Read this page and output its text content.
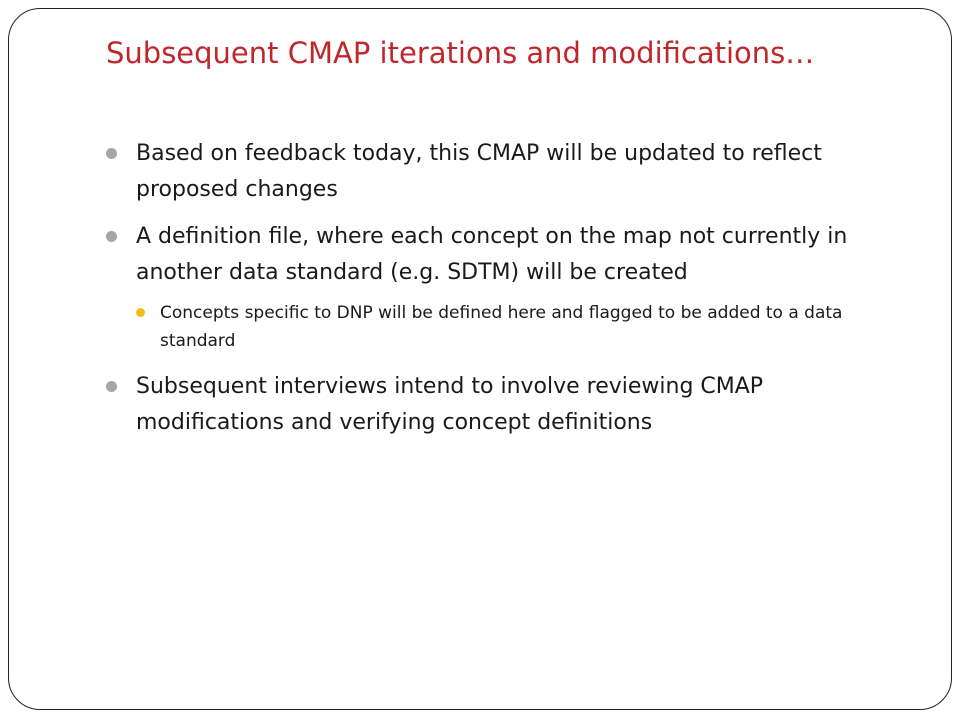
Subsequent CMAP iterations and modifications…
Based on feedback today, this CMAP will be updated to reflect proposed changes
A definition file, where each concept on the map not currently in another data standard (e.g. SDTM) will be created
Concepts specific to DNP will be defined here and flagged to be added to a data standard
Subsequent interviews intend to involve reviewing CMAP modifications and verifying concept definitions
